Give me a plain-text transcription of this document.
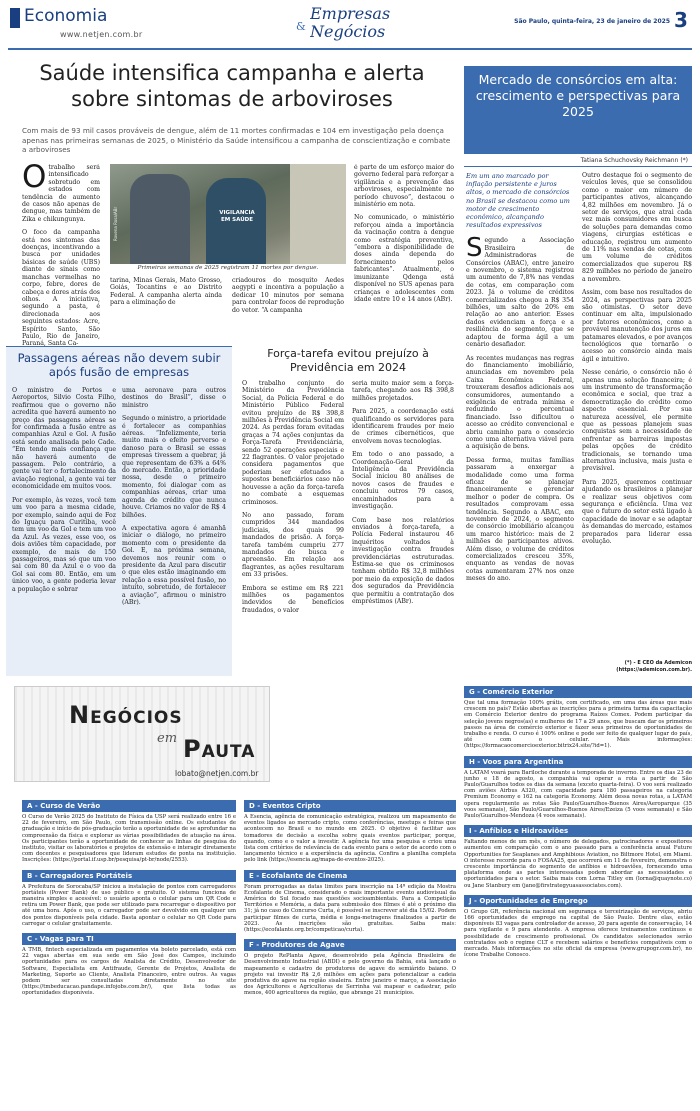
Economia
www.netjen.com.br
Empresas
& Negócios
São Paulo, quinta-feira, 23 de janeiro de 2025 3
Saúde intensifica campanha e alerta sobre sintomas de arboviroses
Com mais de 93 mil casos prováveis de dengue, além de 11 mortes confirmadas e 104 em investigação pela doença apenas nas primeiras semanas de 2025, o Ministério da Saúde intensificou a campanha de conscientização e combate a arboviroses
O trabalho será intensificado sobretudo em estados com tendência de aumento de casos não apenas de dengue, mas também de Zika e chikungunya.

O foco da campanha está nos sintomas das doenças, incentivando a busca por unidades básicas de saúde (UBS) diante de sinais como manchas vermelhas no corpo, febre, dores de cabeça e dores atrás dos olhos. A iniciativa, segundo a pasta, é direcionada aos seguintes estados: Acre, Espírito Santo, São Paulo, Rio de Janeiro, Paraná, Santa Ca-

VIGILÂNCIA EM SAÚDE
Rovena Rosa/ABr
Primeiras semanas de 2025 registram 11 mortes por dengue.

tarina, Minas Gerais, Mato Grosso, Goiás, Tocantins e ao Distrito Federal. A campanha alerta ainda para a eliminação de

criadouros do mosquito Aedes aegypti e incentiva a população a dedicar 10 minutos por semana para controlar focos de reprodução do vetor. “A campanha

é parte de um esforço maior do governo federal para reforçar a vigilância e a prevenção das arboviroses, especialmente no período chuvoso”, destacou o ministério em nota.

No comunicado, o ministério reforçou ainda a importância da vacinação contra a dengue como estratégia preventiva, “embora a disponibilidade de doses ainda dependa do fornecimento pelos fabricantes”. Atualmente, o imunizante Qdenga está disponível no SUS apenas para crianças e adolescentes com idade entre 10 e 14 anos (ABr).

Passagens aéreas não devem subir após fusão de empresas

O ministro de Portos e Aeroportos, Silvio Costa Filho, reafirmou que o governo não acredita que haverá aumento no preço das passagens aéreas se for confirmada a fusão entre as companhias Azul e Gol. A fusão está sendo analisada pelo Cade. “Em tendo mais confiança que não haverá aumento de passagem. Pelo contrário, a gente vai ter o fortalecimento da aviação regional, a gente vai ter economicidade em muitos voos.

Por exemplo, às vezes, você tem um voo para a mesma cidade, por exemplo, saindo aqui de Foz do Iguaçu para Curitiba, você tem um voo da Gol e tem um voo da Azul. Às vezes, esse voo, os dois aviões têm capacidade, por exemplo, de mais de 150 passageiros, mas só que um voo sai com 80 da Azul e o voo da Gol sai com 80. Então, em um único voo, a gente poderia levar a população e sobrar

uma aeronave para outros destinos do Brasil”, disse o ministro

Segundo o ministro, a prioridade é fortalecer as companhias aéreas. “Infelizmente, teria muito mais o efeito perverso e danoso para o Brasil se essas empresas tivessem a quebrar, já que representam de 63% a 64% do mercado. Então, a prioridade nossa, desde o primeiro momento, foi dialogar com as companhias aéreas, criar uma agenda de crédito que nunca houve. Criamos no valor de R$ 4 bilhões.

A expectativa agora é amanhã iniciar o diálogo, no primeiro momento com o presidente da Gol. E, na próxima semana, devemos nos reunir com o presidente da Azul para discutir o que eles estão imaginando em relação a essa possível fusão, no intuito, sobretudo, de fortalecer a aviação”, afirmou o ministro (ABr).

Força-tarefa evitou prejuízo à Previdência em 2024

O trabalho conjunto do Ministério da Previdência Social, da Polícia Federal e do Ministério Público Federal evitou prejuízo de R$ 398,8 milhões à Previdência Social em 2024. As perdas foram evitadas graças a 74 ações conjuntas da Força-Tarefa Previdenciária, sendo 52 operações especiais e 22 flagrantes. O valor projetado considera pagamentos que poderiam ser efetuados a supostos beneficiários caso não houvesse a ação da força-tarefa no combate a esquemas criminosos.

No ano passado, foram cumpridos 344 mandados judiciais, dos quais 99 mandados de prisão. A força-tarefa também cumpriu 277 mandados de busca e apreensão. Em relação aos flagrantes, as ações resultaram em 33 prisões.

Embora se estime em R$ 221 milhões os pagamentos indevidos de benefícios fraudados, o valor

seria muito maior sem a força-tarefa, chegando aos R$ 398,8 milhões projetados.

Para 2025, a coordenação está qualificando os servidores para identificarem fraudes por meio de crimes cibernéticos, que envolvem novas tecnologias.

Em todo o ano passado, a Coordenação-Geral da Inteligência da Previdência Social iniciou 80 análises de novos casos de fraudes e concluiu outros 79 casos, encaminhados para a investigação.

Com base nos relatórios enviados à força-tarefa, a Polícia Federal instaurou 46 inquéritos voltados à investigação contra fraudes previdenciárias estruturadas. Estima-se que os criminosos tenham obtido R$ 32,8 milhões por meio da exposição de dados dos segurados da Previdência que permitiu a contratação dos empréstimos (ABr).

Mercado de consórcios em alta: crescimento e perspectivas para 2025
Tatiana Schuchovsky Reichmann (*)
Em um ano marcado por inflação persistente e juros altos, o mercado de consórcios no Brasil se destacou como um motor de crescimento econômico, alcançando resultados expressivos
S egundo a Associação Brasileira de Administradoras de Consórcios (ABAC), entre janeiro e novembro, o sistema registrou um aumento de 7,8% nas vendas de cotas, em comparação com 2023. Já o volume de créditos comercializados chegou a R$ 354 bilhões, um salto de 20% em relação ao ano anterior. Esses dados evidenciam a força e a resiliência do segmento, que se adaptou de forma ágil a um cenário desafiador.

As recentes mudanças nas regras do financiamento imobiliário, anunciadas em novembro pela Caixa Econômica Federal, trouxeram desafios adicionais aos consumidores, aumentando a exigência de entrada mínima e reduzindo o percentual financiado. Isso dificultou o acesso ao crédito convencional e abriu caminho para o consórcio como uma alternativa viável para a aquisição de bens.

Dessa forma, muitas famílias passaram a enxergar a modalidade como uma forma eficaz de se planejar financeiramente e gerenciar melhor o poder de compra. Os resultados comprovam essa tendência. Segundo a ABAC, em novembro de 2024, o segmento de consórcio imobiliário alcançou um marco histórico: mais de 2 milhões de participantes ativos. Além disso, o volume de créditos comercializados cresceu 35%, enquanto as vendas de novas cotas aumentaram 27% nos onze meses do ano.

Outro destaque foi o segmento de veículos leves, que se consolidou como o maior em número de participantes ativos, alcançando 4,82 milhões em novembro. Já o setor de serviços, que atrai cada vez mais consumidores em busca de soluções para demandas como viagens, cirurgias estéticas e educação, registrou um aumento de 11% nas vendas de cotas, com um volume de créditos comercializados que superou R$ 829 milhões no período de janeiro a novembro.

Assim, com base nos resultados de 2024, as perspectivas para 2025 são otimistas. O setor deve continuar em alta, impulsionado por fatores econômicos, como a provável manutenção dos juros em patamares elevados, e por avanços tecnológicos que tornarão o acesso ao consórcio ainda mais ágil e intuitivo.

Nesse cenário, o consórcio não é apenas uma solução financeira; é um instrumento de transformação econômica e social, que traz a democratização do crédito como aspecto essencial. Por sua natureza acessível, ele permite que as pessoas planejem suas conquistas sem a necessidade de enfrentar as barreiras impostas pelas opções de crédito tradicionais, se tornando uma alternativa inclusiva, mais justa e previsível.

Para 2025, queremos continuar ajudando os brasileiros a planejar e realizar seus objetivos com segurança e eficiência. Uma vez que o futuro do setor está ligado à capacidade de inovar e se adaptar às demandas do mercado, estamos preparados para liderar essa evolução.

(*) - É CEO da Ademicon
(https://ademicon.com.br).
Negócios
em Pauta
lobato@netjen.com.br
A - Curso de Verão
O Curso de Verão 2025 do Instituto de Física da USP será realizado entre 16 e 22 de fevereiro, em São Paulo, com transmissão online. Os estudantes de graduação e início de pós-graduação terão a oportunidade de se aprofundar na compreensão da física e explorar as várias possibilidades de atuação na área. Os participantes terão a oportunidade de conhecer as linhas de pesquisa do instituto, visitar os laboratórios e projetos de extensão e interagir diretamente com docentes e pesquisadores que lideram estudos de ponta na instituição. Inscrições: (https://portal.if.usp.br/pesquisa/pt-br/node/2553).
B - Carregadores Portáteis
A Prefeitura de Sorocaba/SP iniciou a instalação de pontos com carregadores portáteis (Power Bank) de uso público e gratuito. O sistema funciona de maneira simples e acessível: o usuário aponta o celular para um QR Code e retira um Power Bank, que pode ser utilizado para recarregar o dispositivo por até uma hora. Após o uso, o carregador pode ser devolvido em qualquer um dos pontos disponíveis pela cidade. Basta apontar o celular no QR Code para carregar o celular gratuitamente.
C - Vagas para TI
A TMB, fintech especializada em pagamentos via boleto parcelado, está com 22 vagas abertas em sua sede em São José dos Campos, incluindo oportunidades para os cargos de Analista de Crédito, Desenvolvedor de Software, Especialista em Antifraude, Gerente de Projetos, Analista de Marketing, Suporte ao Cliente, Analista Financeiro, entre outros. As vagas podem ser consultadas diretamente no site (https://tmbeducacao.pandape.infojobs.com.br/), que lista todas as oportunidades disponíveis.
D - Eventos Cripto
A Esencia, agência de comunicação estratégica, realizou um mapeamento de eventos ligados ao mercado cripto, como conferências, meetups e feiras que acontecem no Brasil e no mundo em 2025. O objetivo é facilitar aos tomadores de decisão a escolha sobre quais eventos participar, porque, quando, como e o valor a investir. A agência fez uma pesquisa e criou uma lista com critérios de relevância de cada evento para o setor de acordo com o lançamento técnico e a experiência da agência. Confira a planilha completa pelo link (https://esencia.ag/mapa-de-eventos-2025).
E - Ecofalante de Cinema
Foram prorrogadas as datas limites para inscrição na 14ª edição da Mostra Ecofalante de Cinema, considerado o mais importante evento audiovisual da América do Sul focado nas questões socioambientais. Para a Competição Territórios e Memória, a data para submissão dos filmes é até o próximo dia 31; já no caso do Concurso Curta, é possível se inscrever até dia 15/02. Podem participar filmes de curta, média e longa-metragens finalizados a partir de 2023. As inscrições são gratuitas. Saiba mais: (https://ecofalante.org.br/competicao/curta).
F - Produtores de Agave
O projeto RePlanta Agave, desenvolvido pela Agência Brasileira de Desenvolvimento Industrial (ABDI) e pelo governo da Bahia, está lançado o mapeamento e cadastro de produtores de agave do semiárido baiano. O projeto vai investir R$ 2,6 milhões em ações para potencializar a cadeia produtiva do agave na região sisaleira. Entre janeiro e março, a Associação dos Agricultores e Agricultoras de Serrinha vai mapear e cadastrar, pelo menos, 400 agricultores da região, que abrange 21 municípios.
G - Comércio Exterior
Que tal uma formação 100% grátis, com certificado, em uma das áreas que mais crescem no país? Estão abertas as inscrições para a primeira turma da capacitação em Comércio Exterior dentro do programa Raízes Comex. Podem participar da seleção jovens negros(as) e mulheres de 17 a 29 anos, que buscam dar os primeiros passos na área de comércio exterior e fazer seus primeiros de oportunidades de trabalho e renda. O curso é 100% online e pode ser feito de qualquer lugar do país, até com o celular. Mais informações: (https://formacaocomercioexterior.bitrix24.site/?id=1).
H - Voos para Argentina
A LATAM voará para Bariloche durante a temporada de inverno. Entre os dias 23 de junho e 18 de agosto, a companhia vai operar a rota a partir de São Paulo/Guarulhos todos os dias da semana (exceto quarta-feira). O voo será realizado com aviões Airbus A320, com capacidade para 180 passageiros na categoria Premium Economy e 162 na categoria Economy. Além dessa novas rotas, a LATAM opera regularmente as rotas São Paulo/Guarulhos-Buenos Aires/Aeroparque (35 voos semanais), São Paulo/Guarulhos-Buenos Aires/Ezeiza (5 voos semanais) e São Paulo/Guarulhos-Mendoza (4 voos semanais).
I - Anfíbios e Hidroaviões
Faltando menos de um mês, o número de delegados, patrocinadores e expositores aumentou em comparação com o ano passado para a conferência anual Future Opportunities for Seaplanes and Amphibious Aviation, no Biltmore Hotel, em Miami. O interesse recorde para o FOSAA25, que ocorrerá em 11 de fevereiro, demonstra o crescente importância do segmento de anfíbios e hidroaviões, fornecendo uma plataforma onde as partes interessadas podem abordar as necessidades e oportunidades para o setor. Saiba mais com Lorna Titley em (lorna@quaynote.co) ou Jane Stanbury em (jane@firstrategyuasassociates.com).
J - Oportunidades de Emprego
O Grupo GR, referência nacional em segurança e terceirização de serviços, abriu 166 oportunidades de emprego na capital de São Paulo. Dentre elas, estão disponíveis 83 vagas para controlador de acesso, 20 para agente de conservação, 14 para vigilante e 9 para atendente. A empresa oferece treinamentos contínuos e possibilidade de crescimento profissional. Os candidatos selecionados serão contratados sob o regime CLT e recebem salários e benefícios compatíveis com o mercado. Mais informações no site oficial da empresa (www.grupogr.com.br), no ícone Trabalhe Conosco.
